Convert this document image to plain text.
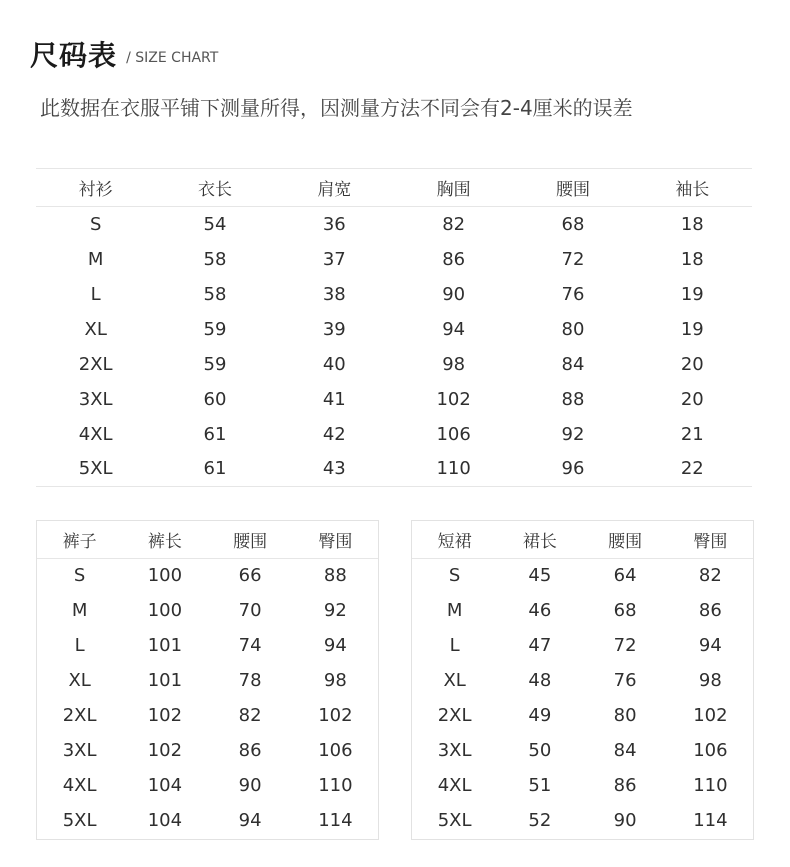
尺码表 / SIZE CHART
此数据在衣服平铺下测量所得，因测量方法不同会有2-4厘米的误差
衬衫	衣长	肩宽	胸围	腰围	袖长
S	54	36	82	68	18
M	58	37	86	72	18
L	58	38	90	76	19
XL	59	39	94	80	19
2XL	59	40	98	84	20
3XL	60	41	102	88	20
4XL	61	42	106	92	21
5XL	61	43	110	96	22
裤子	裤长	腰围	臀围
S	100	66	88
M	100	70	92
L	101	74	94
XL	101	78	98
2XL	102	82	102
3XL	102	86	106
4XL	104	90	110
5XL	104	94	114
短裙	裙长	腰围	臀围
S	45	64	82
M	46	68	86
L	47	72	94
XL	48	76	98
2XL	49	80	102
3XL	50	84	106
4XL	51	86	110
5XL	52	90	114
